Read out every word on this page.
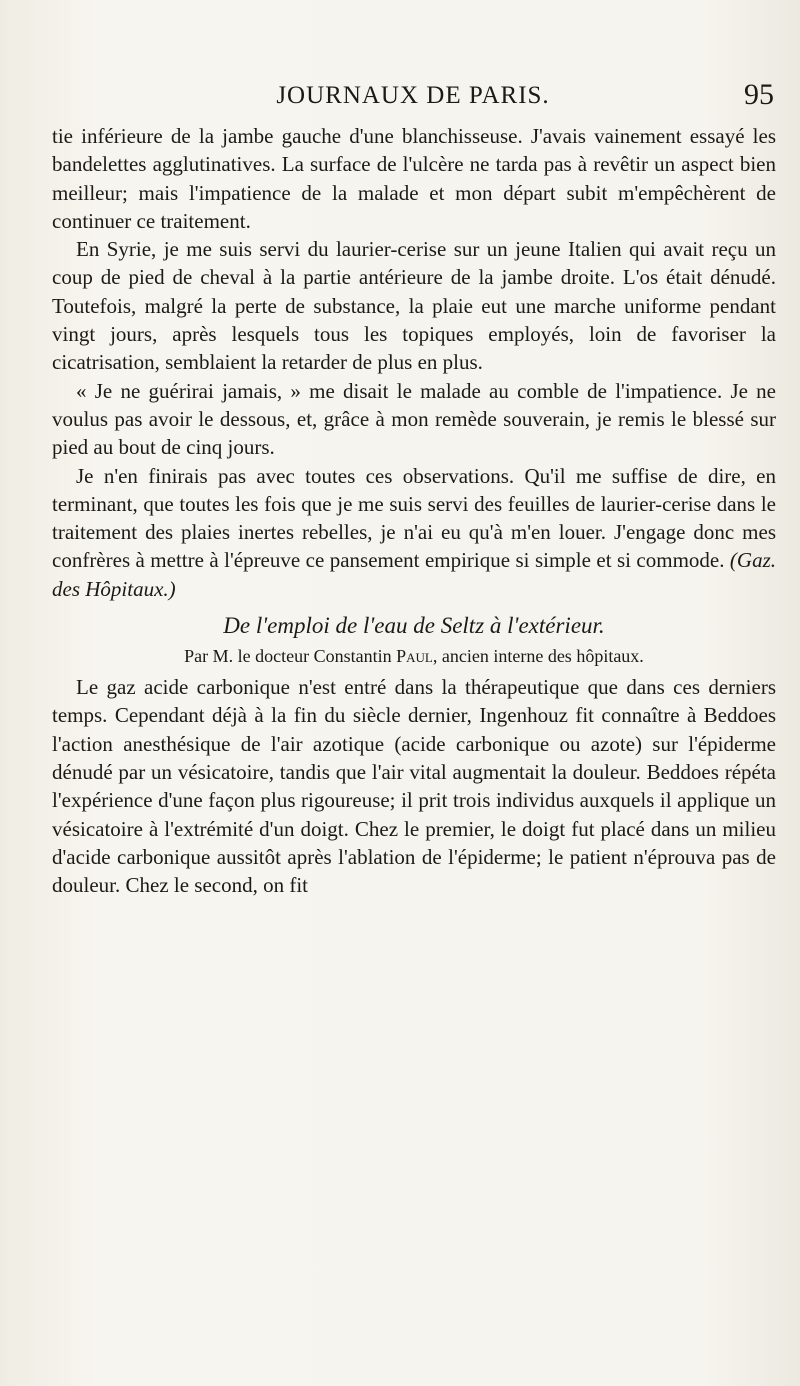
JOURNAUX DE PARIS.	95

tie inférieure de la jambe gauche d'une blanchisseuse. J'avais vainement essayé les bandelettes agglutinatives. La surface de l'ulcère ne tarda pas à revêtir un aspect bien meilleur; mais l'impatience de la malade et mon départ subit m'empêchèrent de continuer ce traitement.

En Syrie, je me suis servi du laurier-cerise sur un jeune Italien qui avait reçu un coup de pied de cheval à la partie antérieure de la jambe droite. L'os était dénudé. Toutefois, malgré la perte de substance, la plaie eut une marche uniforme pendant vingt jours, après lesquels tous les topiques employés, loin de favoriser la cicatrisation, semblaient la retarder de plus en plus.

« Je ne guérirai jamais, » me disait le malade au comble de l'impatience. Je ne voulus pas avoir le dessous, et, grâce à mon remède souverain, je remis le blessé sur pied au bout de cinq jours.

Je n'en finirais pas avec toutes ces observations. Qu'il me suffise de dire, en terminant, que toutes les fois que je me suis servi des feuilles de laurier-cerise dans le traitement des plaies inertes rebelles, je n'ai eu qu'à m'en louer. J'engage donc mes confrères à mettre à l'épreuve ce pansement empirique si simple et si commode. (Gaz. des Hôpitaux.)

De l'emploi de l'eau de Seltz à l'extérieur.
Par M. le docteur Constantin Paul, ancien interne des hôpitaux.

Le gaz acide carbonique n'est entré dans la thérapeutique que dans ces derniers temps. Cependant déjà à la fin du siècle dernier, Ingenhouz fit connaître à Beddoes l'action anesthésique de l'air azotique (acide carbonique ou azote) sur l'épiderme dénudé par un vésicatoire, tandis que l'air vital augmentait la douleur. Beddoes répéta l'expérience d'une façon plus rigoureuse; il prit trois individus auxquels il applique un vésicatoire à l'extrémité d'un doigt. Chez le premier, le doigt fut placé dans un milieu d'acide carbonique aussitôt après l'ablation de l'épiderme; le patient n'éprouva pas de douleur. Chez le second, on fit
